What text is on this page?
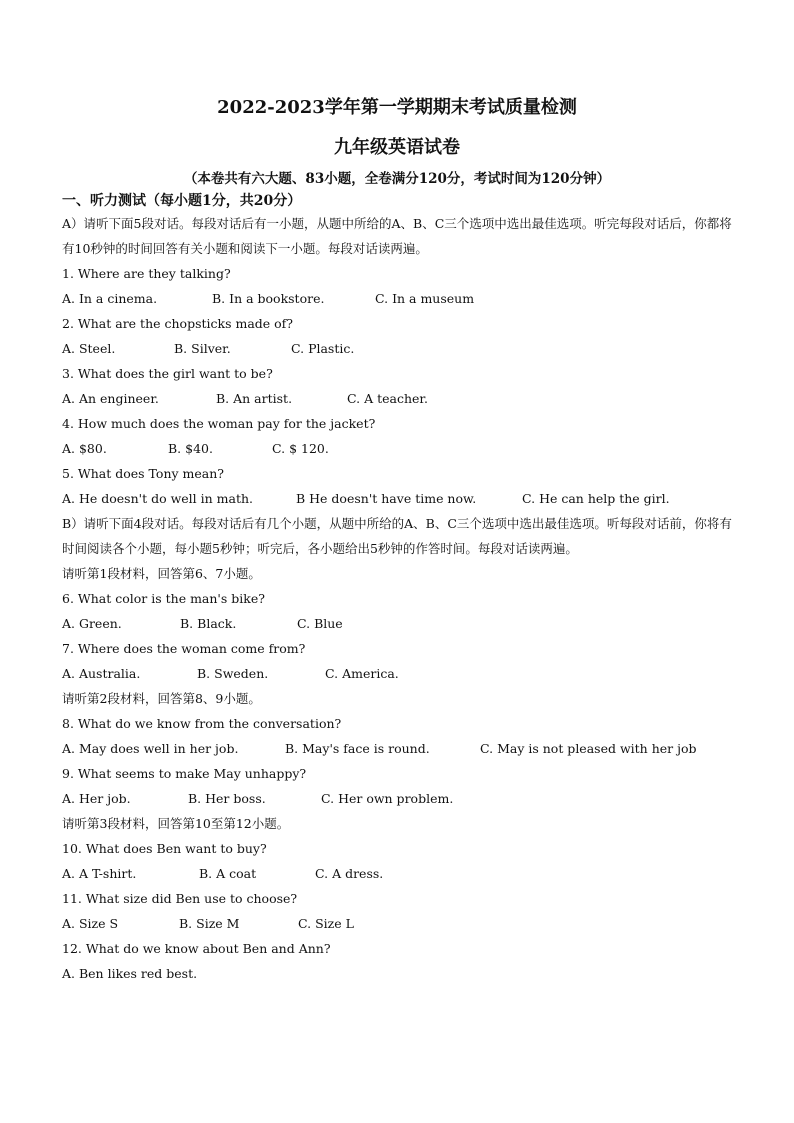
2022-2023学年第一学期期末考试质量检测
九年级英语试卷
（本卷共有六大题、83小题，全卷满分120分，考试时间为120分钟）
一、听力测试（每小题1分，共20分）
A）请听下面5段对话。每段对话后有一小题，从题中所给的A、B、C三个选项中选出最佳选项。听完每段对话后，你都将有10秒钟的时间回答有关小题和阅读下一小题。每段对话读两遍。
1. Where are they talking?
A. In a cinema.	B. In a bookstore.	C. In a museum
2. What are the chopsticks made of?
A. Steel.	B. Silver.	C. Plastic.
3. What does the girl want to be?
A. An engineer.	B. An artist.	C. A teacher.
4. How much does the woman pay for the jacket?
A. $80.	B. $40.	C. $ 120.
5. What does Tony mean?
A. He doesn't do well in math.	B He doesn't have time now.	C. He can help the girl.
B）请听下面4段对话。每段对话后有几个小题，从题中所给的A、B、C三个选项中选出最佳选项。听每段对话前，你将有时间阅读各个小题，每小题5秒钟；听完后，各小题给出5秒钟的作答时间。每段对话读两遍。
请听第1段材料，回答第6、7小题。
6. What color is the man's bike?
A. Green.	B. Black.	C. Blue
7. Where does the woman come from?
A. Australia.	B. Sweden.	C. America.
请听第2段材料，回答第8、9小题。
8. What do we know from the conversation?
A. May does well in her job.	B. May's face is round.	C. May is not pleased with her job
9. What seems to make May unhappy?
A. Her job.	B. Her boss.	C. Her own problem.
请听第3段材料，回答第10至第12小题。
10. What does Ben want to buy?
A. A T-shirt.	B. A coat	C. A dress.
11. What size did Ben use to choose?
A. Size S	B. Size M	C. Size L
12. What do we know about Ben and Ann?
A. Ben likes red best.
